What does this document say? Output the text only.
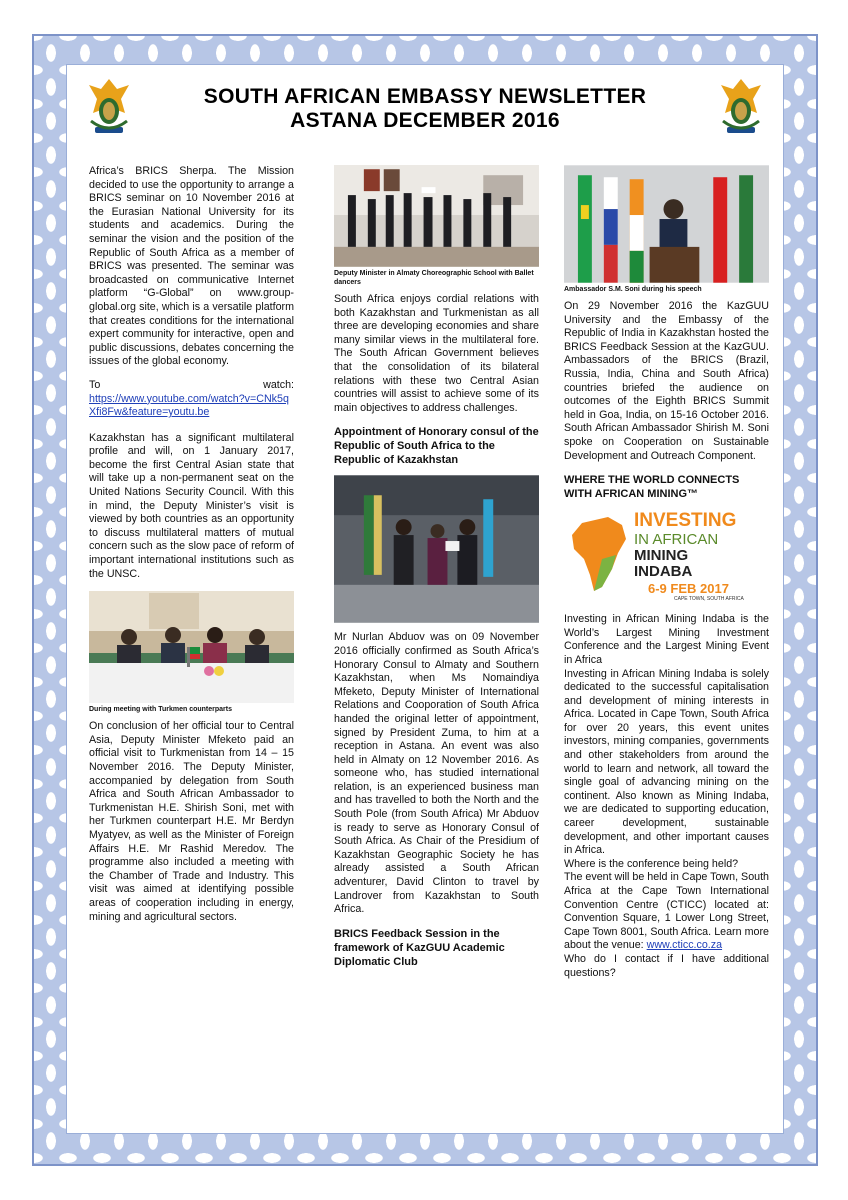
SOUTH AFRICAN EMBASSY NEWSLETTER
ASTANA DECEMBER 2016

Africa’s BRICS Sherpa. The Mission decided to use the opportunity to arrange a BRICS seminar on 10 November 2016 at the Eurasian National University for its students and academics. During the seminar the vision and the position of the Republic of South Africa as a member of BRICS was presented. The seminar was broadcasted on communicative Internet platform “G-Global” on www.group-global.org site, which is a versatile platform that creates conditions for the international expert community for interactive, open and public discussions, debates concerning the issues of the global economy.

To watch:
https://www.youtube.com/watch?v=CNk5qXfi8Fw&feature=youtu.be

Kazakhstan has a significant multilateral profile and will, on 1 January 2017, become the first Central Asian state that will take up a non-permanent seat on the United Nations Security Council. With this in mind, the Deputy Minister’s visit is viewed by both countries as an opportunity to discuss multilateral matters of mutual concern such as the slow pace of reform of important international institutions such as the UNSC.

During meeting with Turkmen counterparts

On conclusion of her official tour to Central Asia, Deputy Minister Mfeketo paid an official visit to Turkmenistan from 14 – 15 November 2016. The Deputy Minister, accompanied by delegation from South Africa and South African Ambassador to Turkmenistan H.E. Shirish Soni, met with her Turkmen counterpart H.E. Mr Berdyn Myatyev, as well as the Minister of Foreign Affairs H.E. Mr Rashid Meredov. The programme also included a meeting with the Chamber of Trade and Industry. This visit was aimed at identifying possible areas of cooperation including in energy, mining and agricultural sectors.

Deputy Minister in Almaty Choreographic School with Ballet dancers

South Africa enjoys cordial relations with both Kazakhstan and Turkmenistan as all three are developing economies and share many similar views in the multilateral fore. The South African Government believes that the consolidation of its bilateral relations with these two Central Asian countries will assist to achieve some of its main objectives to address challenges.

Appointment of Honorary consul of the Republic of South Africa to the Republic of Kazakhstan

Mr Nurlan Abduov was on 09 November 2016 officially confirmed as South Africa’s Honorary Consul to Almaty and Southern Kazakhstan, when Ms Nomaindiya Mfeketo, Deputy Minister of International Relations and Cooporation of South Africa handed the original letter of appointment, signed by President Zuma, to him at a reception in Astana. An event was also held in Almaty on 12 November 2016. As someone who, has studied international relation, is an experienced business man and has travelled to both the North and the South Pole (from South Africa) Mr Abduov is ready to serve as Honorary Consul of South Africa. As Chair of the Presidium of Kazakhstan Geographic Society he has already assisted a South African adventurer, David Clinton to travel by Landrover from Kazakhstan to South Africa.

BRICS Feedback Session in the framework of KazGUU Academic Diplomatic Club
Ambassador S.M. Soni during his speech

On 29 November 2016 the KazGUU University and the Embassy of the Republic of India in Kazakhstan hosted the BRICS Feedback Session at the KazGUU. Ambassadors of the BRICS (Brazil, Russia, India, China and South Africa) countries briefed the audience on outcomes of the Eighth BRICS Summit held in Goa, India, on 15-16 October 2016. South African Ambassador Shirish M. Soni spoke on Cooperation on Sustainable Development and Outreach Component.

WHERE THE WORLD CONNECTS WITH AFRICAN MINING™
INVESTING
IN AFRICAN
MINING
INDABA
6-9 FEB 2017
CAPE TOWN, SOUTH AFRICA

Investing in African Mining Indaba is the World’s Largest Mining Investment Conference and the Largest Mining Event in Africa

Investing in African Mining Indaba is solely dedicated to the successful capitalisation and development of mining interests in Africa. Located in Cape Town, South Africa for over 20 years, this event unites investors, mining companies, governments and other stakeholders from around the world to learn and network, all toward the single goal of advancing mining on the continent. Also known as Mining Indaba, we are dedicated to supporting education, career development, sustainable development, and other important causes in Africa.

Where is the conference being held?

The event will be held in Cape Town, South Africa at the Cape Town International Convention Centre (CTICC) located at: Convention Square, 1 Lower Long Street, Cape Town 8001, South Africa. Learn more about the venue: www.cticc.co.za

Who do I contact if I have additional questions?
